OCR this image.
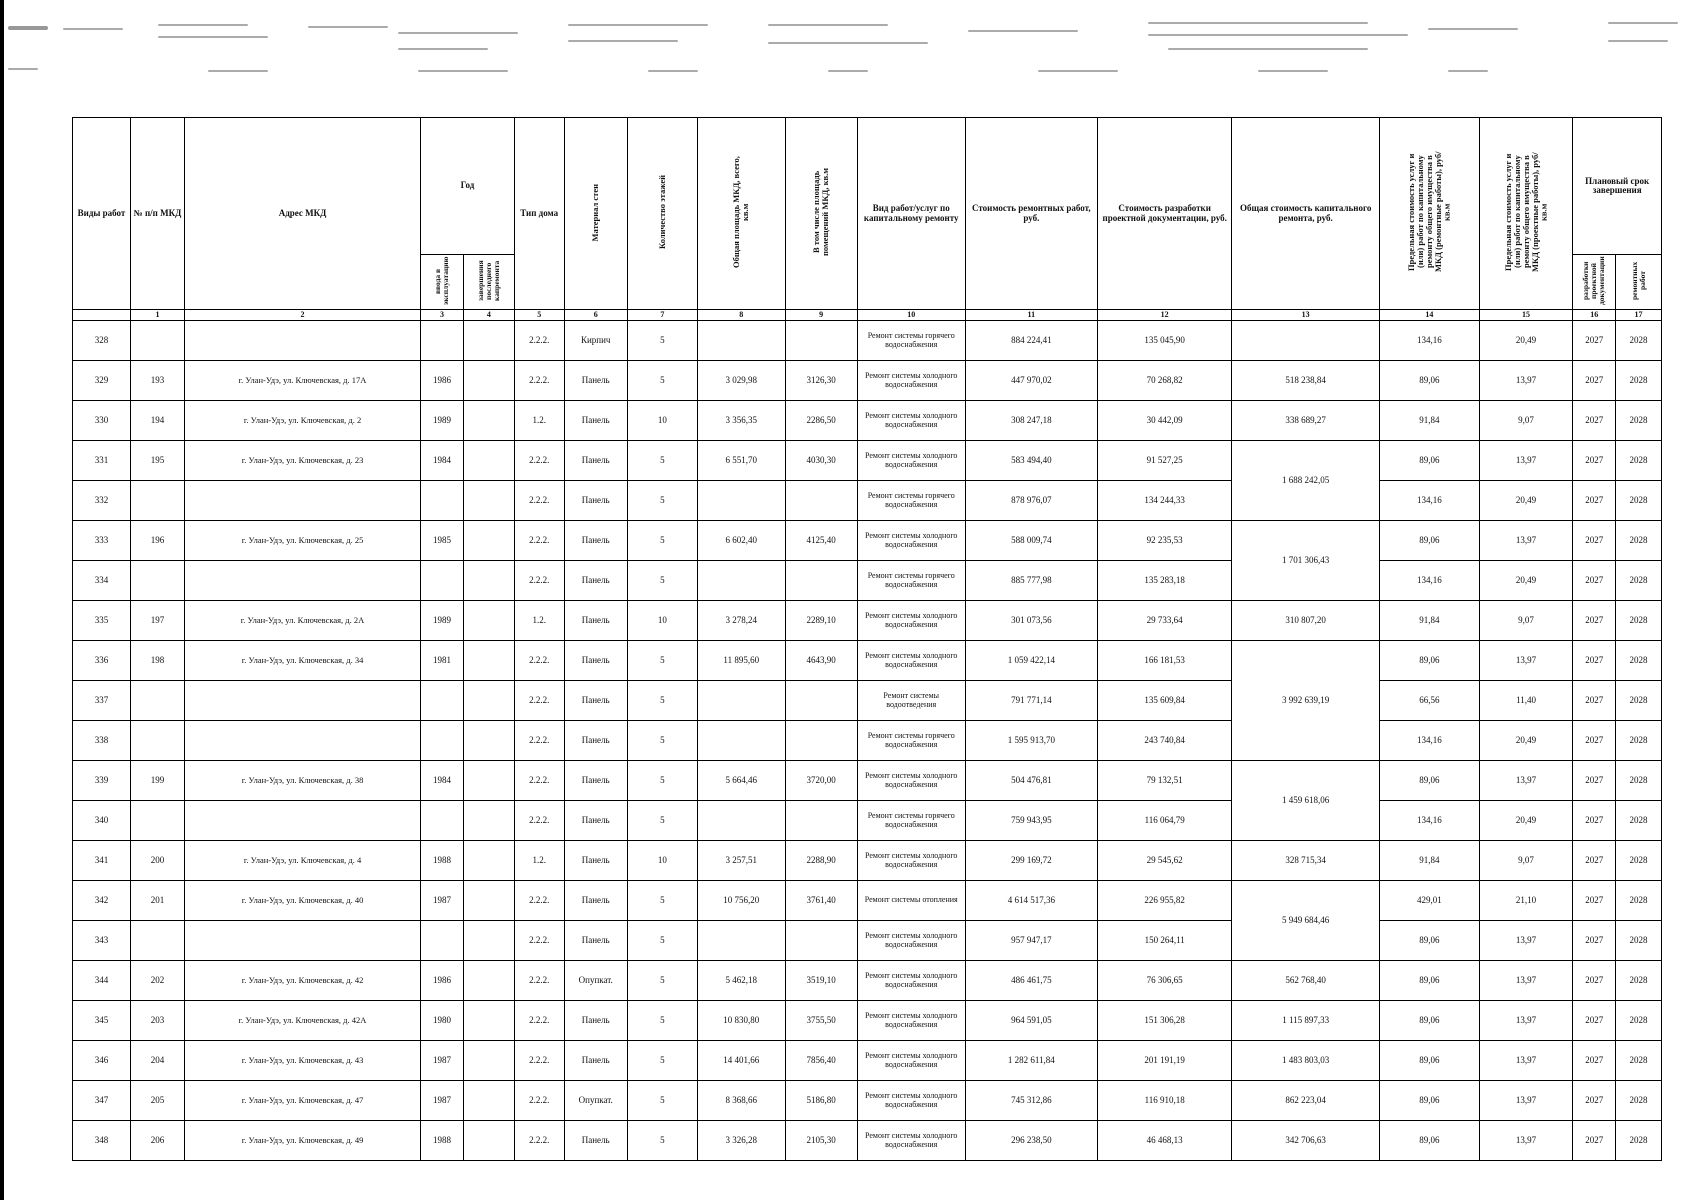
Виды работ	№ п/п МКД	Адрес МКД	Год		Тип дома	Материал стен	Количество этажей	Общая площадь МКД, всего, кв.м	В том числе площадь помещений МКД, кв.м	Вид работ/услуг по капитальному ремонту	Стоимость ремонтных работ, руб.	Стоимость разработки проектной документации, руб.	Общая стоимость капитального ремонта, руб.	Предельная стоимость услуг и (или) работ по капитальному ремонту общего имущества в МКД (ремонтные работы), руб/кв.м	Предельная стоимость услуг и (или) работ по капитальному ремонту общего имущества в МКД (проектные работы), руб/кв.м	Плановый срок завершения	
			ввода в эксплуатацию	завершения последнего капремонта												разработки проектной документации	ремонтных работ
	1	2	3	4	5	6	7	8	9	10	11	12	13	14	15	16	17
328					2.2.2.	Кирпич	5			Ремонт системы горячего водоснабжения	884 224,41	135 045,90		134,16	20,49	2027	2028
329	193	г. Улан-Удэ, ул. Ключевская, д. 17А	1986		2.2.2.	Панель	5	3 029,98	3126,30	Ремонт системы холодного водоснабжения	447 970,02	70 268,82	518 238,84	89,06	13,97	2027	2028
330	194	г. Улан-Удэ, ул. Ключевская, д. 2	1989		1.2.	Панель	10	3 356,35	2286,50	Ремонт системы холодного водоснабжения	308 247,18	30 442,09	338 689,27	91,84	9,07	2027	2028
331	195	г. Улан-Удэ, ул. Ключевская, д. 23	1984		2.2.2.	Панель	5	6 551,70	4030,30	Ремонт системы холодного водоснабжения	583 494,40	91 527,25	1 688 242,05	89,06	13,97	2027	2028
332					2.2.2.	Панель	5			Ремонт системы горячего водоснабжения	878 976,07	134 244,33		134,16	20,49	2027	2028
333	196	г. Улан-Удэ, ул. Ключевская, д. 25	1985		2.2.2.	Панель	5	6 602,40	4125,40	Ремонт системы холодного водоснабжения	588 009,74	92 235,53	1 701 306,43	89,06	13,97	2027	2028
334					2.2.2.	Панель	5			Ремонт системы горячего водоснабжения	885 777,98	135 283,18		134,16	20,49	2027	2028
335	197	г. Улан-Удэ, ул. Ключевская, д. 2А	1989		1.2.	Панель	10	3 278,24	2289,10	Ремонт системы холодного водоснабжения	301 073,56	29 733,64	310 807,20	91,84	9,07	2027	2028
336	198	г. Улан-Удэ, ул. Ключевская, д. 34	1981		2.2.2.	Панель	5	11 895,60	4643,90	Ремонт системы холодного водоснабжения	1 059 422,14	166 181,53	3 992 639,19	89,06	13,97	2027	2028
337					2.2.2.	Панель	5			Ремонт системы водоотведения	791 771,14	135 609,84		66,56	11,40	2027	2028
338					2.2.2.	Панель	5			Ремонт системы горячего водоснабжения	1 595 913,70	243 740,84		134,16	20,49	2027	2028
339	199	г. Улан-Удэ, ул. Ключевская, д. 38	1984		2.2.2.	Панель	5	5 664,46	3720,00	Ремонт системы холодного водоснабжения	504 476,81	79 132,51	1 459 618,06	89,06	13,97	2027	2028
340					2.2.2.	Панель	5			Ремонт системы горячего водоснабжения	759 943,95	116 064,79		134,16	20,49	2027	2028
341	200	г. Улан-Удэ, ул. Ключевская, д. 4	1988		1.2.	Панель	10	3 257,51	2288,90	Ремонт системы холодного водоснабжения	299 169,72	29 545,62	328 715,34	91,84	9,07	2027	2028
342	201	г. Улан-Удэ, ул. Ключевская, д. 40	1987		2.2.2.	Панель	5	10 756,20	3761,40	Ремонт системы отопления	4 614 517,36	226 955,82	5 949 684,46	429,01	21,10	2027	2028
343					2.2.2.	Панель	5			Ремонт системы холодного водоснабжения	957 947,17	150 264,11		89,06	13,97	2027	2028
344	202	г. Улан-Удэ, ул. Ключевская, д. 42	1986		2.2.2.	Опупкат.	5	5 462,18	3519,10	Ремонт системы холодного водоснабжения	486 461,75	76 306,65	562 768,40	89,06	13,97	2027	2028
345	203	г. Улан-Удэ, ул. Ключевская, д. 42А	1980		2.2.2.	Панель	5	10 830,80	3755,50	Ремонт системы холодного водоснабжения	964 591,05	151 306,28	1 115 897,33	89,06	13,97	2027	2028
346	204	г. Улан-Удэ, ул. Ключевская, д. 43	1987		2.2.2.	Панель	5	14 401,66	7856,40	Ремонт системы холодного водоснабжения	1 282 611,84	201 191,19	1 483 803,03	89,06	13,97	2027	2028
347	205	г. Улан-Удэ, ул. Ключевская, д. 47	1987		2.2.2.	Опупкат.	5	8 368,66	5186,80	Ремонт системы холодного водоснабжения	745 312,86	116 910,18	862 223,04	89,06	13,97	2027	2028
348	206	г. Улан-Удэ, ул. Ключевская, д. 49	1988		2.2.2.	Панель	5	3 326,28	2105,30	Ремонт системы холодного водоснабжения	296 238,50	46 468,13	342 706,63	89,06	13,97	2027	2028
